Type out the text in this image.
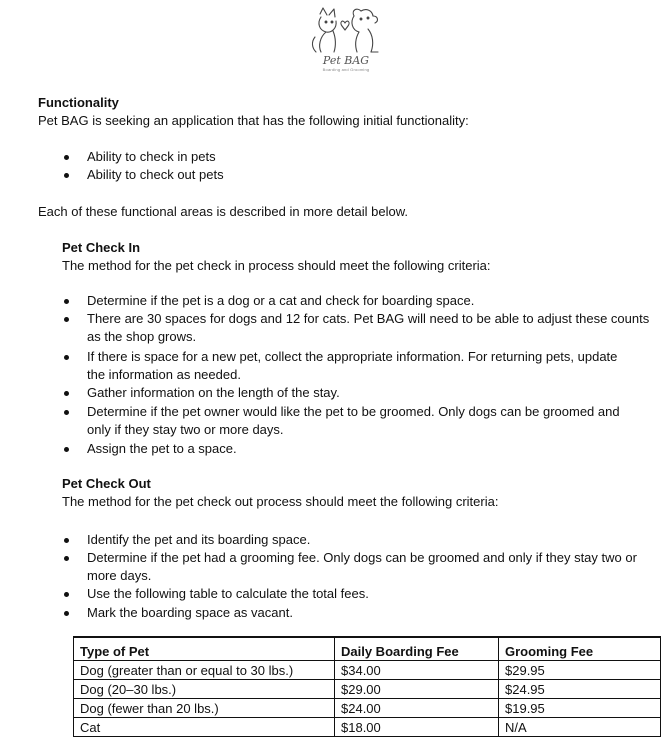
Pet BAG
Boarding and Grooming
Functionality
Pet BAG is seeking an application that has the following initial functionality:
Ability to check in pets
Ability to check out pets
Each of these functional areas is described in more detail below.
Pet Check In
The method for the pet check in process should meet the following criteria:
Determine if the pet is a dog or a cat and check for boarding space.
There are 30 spaces for dogs and 12 for cats. Pet BAG will need to be able to adjust these counts
as the shop grows.
If there is space for a new pet, collect the appropriate information. For returning pets, update
the information as needed.
Gather information on the length of the stay.
Determine if the pet owner would like the pet to be groomed. Only dogs can be groomed and
only if they stay two or more days.
Assign the pet to a space.
Pet Check Out
The method for the pet check out process should meet the following criteria:
Identify the pet and its boarding space.
Determine if the pet had a grooming fee. Only dogs can be groomed and only if they stay two or
more days.
Use the following table to calculate the total fees.
Mark the boarding space as vacant.
Type of Pet	Daily Boarding Fee	Grooming Fee
Dog (greater than or equal to 30 lbs.)	$34.00	$29.95
Dog (20–30 lbs.)	$29.00	$24.95
Dog (fewer than 20 lbs.)	$24.00	$19.95
Cat	$18.00	N/A
